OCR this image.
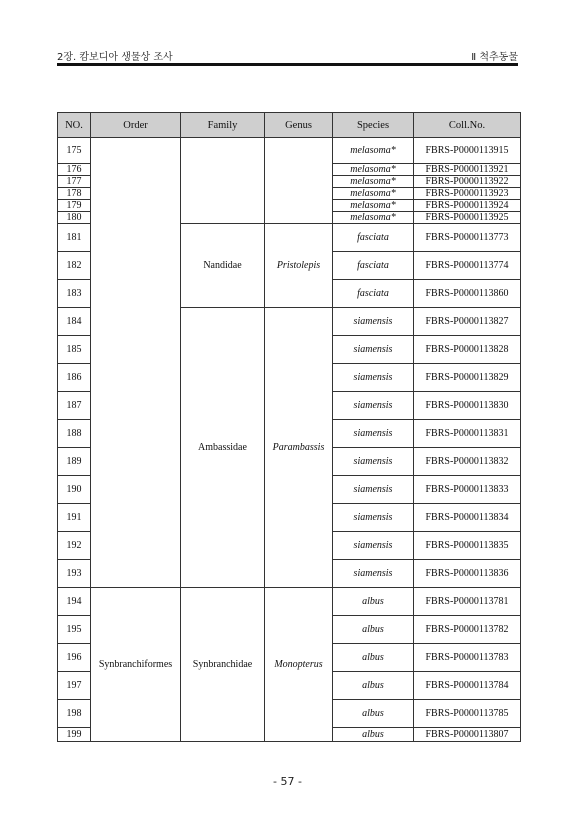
2장. 캄보디아 생물상 조사	Ⅱ 척추동물
NO.	Order	Family	Genus	Species	Coll.No.
175				melasoma*	FBRS-P0000113915
176				melasoma*	FBRS-P0000113921
177				melasoma*	FBRS-P0000113922
178				melasoma*	FBRS-P0000113923
179				melasoma*	FBRS-P0000113924
180				melasoma*	FBRS-P0000113925
181		Nandidae	Pristolepis	fasciata	FBRS-P0000113773
182				fasciata	FBRS-P0000113774
183				fasciata	FBRS-P0000113860
184		Ambassidae	Parambassis	siamensis	FBRS-P0000113827
185				siamensis	FBRS-P0000113828
186				siamensis	FBRS-P0000113829
187				siamensis	FBRS-P0000113830
188				siamensis	FBRS-P0000113831
189				siamensis	FBRS-P0000113832
190				siamensis	FBRS-P0000113833
191				siamensis	FBRS-P0000113834
192				siamensis	FBRS-P0000113835
193				siamensis	FBRS-P0000113836
194	Synbranchiformes	Synbranchidae	Monopterus	albus	FBRS-P0000113781
195				albus	FBRS-P0000113782
196				albus	FBRS-P0000113783
197				albus	FBRS-P0000113784
198				albus	FBRS-P0000113785
199				albus	FBRS-P0000113807
- 57 -
